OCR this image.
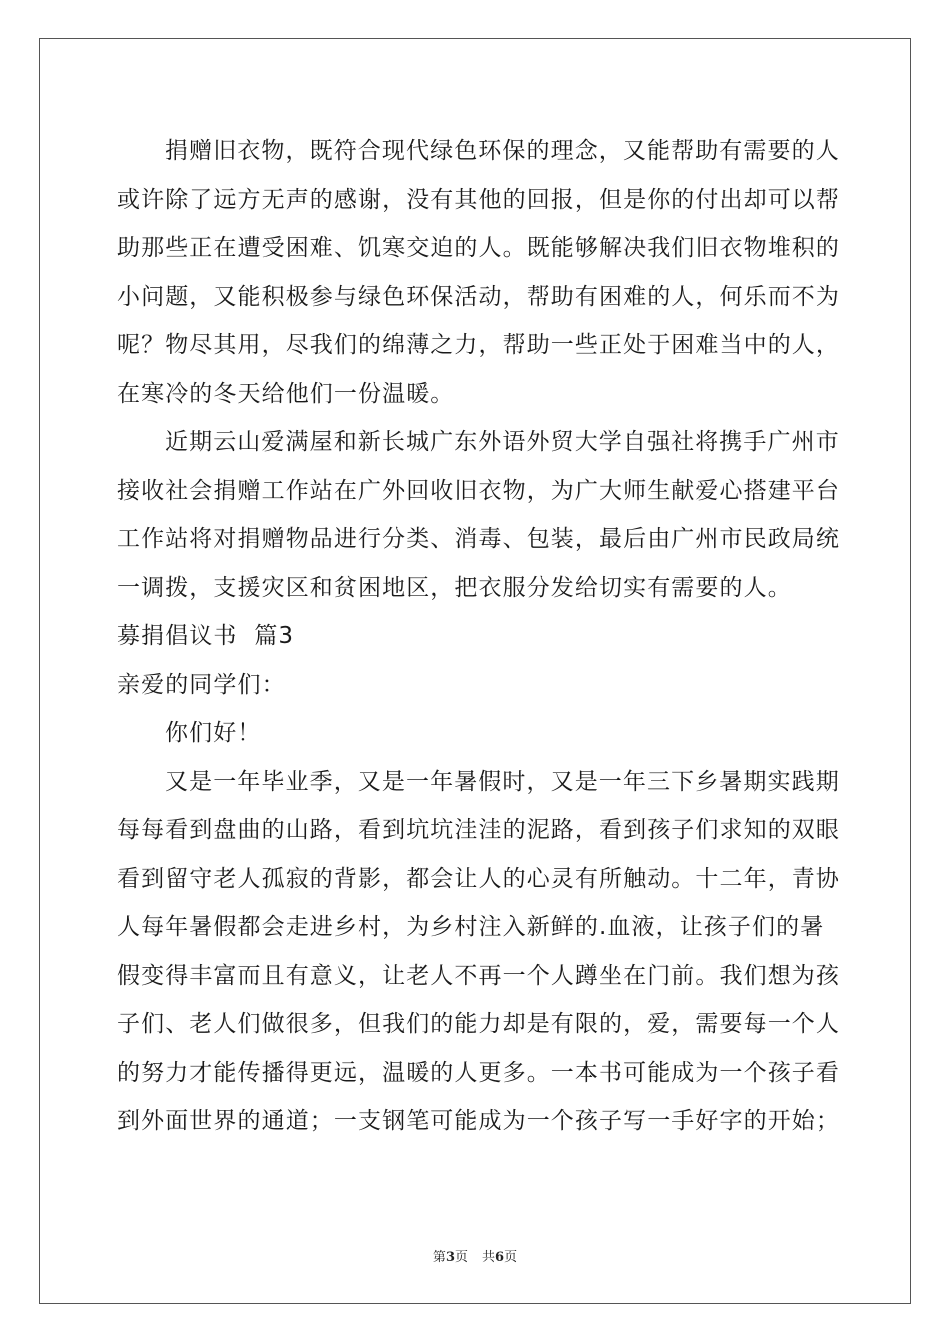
捐赠旧衣物，既符合现代绿色环保的理念，又能帮助有需要的人
或许除了远方无声的感谢，没有其他的回报，但是你的付出却可以帮
助那些正在遭受困难、饥寒交迫的人。既能够解决我们旧衣物堆积的
小问题，又能积极参与绿色环保活动，帮助有困难的人，何乐而不为
呢？物尽其用，尽我们的绵薄之力，帮助一些正处于困难当中的人，
在寒冷的冬天给他们一份温暖。
近期云山爱满屋和新长城广东外语外贸大学自强社将携手广州市
接收社会捐赠工作站在广外回收旧衣物，为广大师生献爱心搭建平台
工作站将对捐赠物品进行分类、消毒、包装，最后由广州市民政局统
一调拨，支援灾区和贫困地区，把衣服分发给切实有需要的人。
募捐倡议书  篇3
亲爱的同学们：
你们好！
又是一年毕业季，又是一年暑假时，又是一年三下乡暑期实践期
每每看到盘曲的山路，看到坑坑洼洼的泥路，看到孩子们求知的双眼
看到留守老人孤寂的背影，都会让人的心灵有所触动。十二年，青协
人每年暑假都会走进乡村，为乡村注入新鲜的.血液，让孩子们的暑
假变得丰富而且有意义，让老人不再一个人蹲坐在门前。我们想为孩
子们、老人们做很多，但我们的能力却是有限的，爱，需要每一个人
的努力才能传播得更远，温暖的人更多。一本书可能成为一个孩子看
到外面世界的通道；一支钢笔可能成为一个孩子写一手好字的开始；
第3页 共6页
